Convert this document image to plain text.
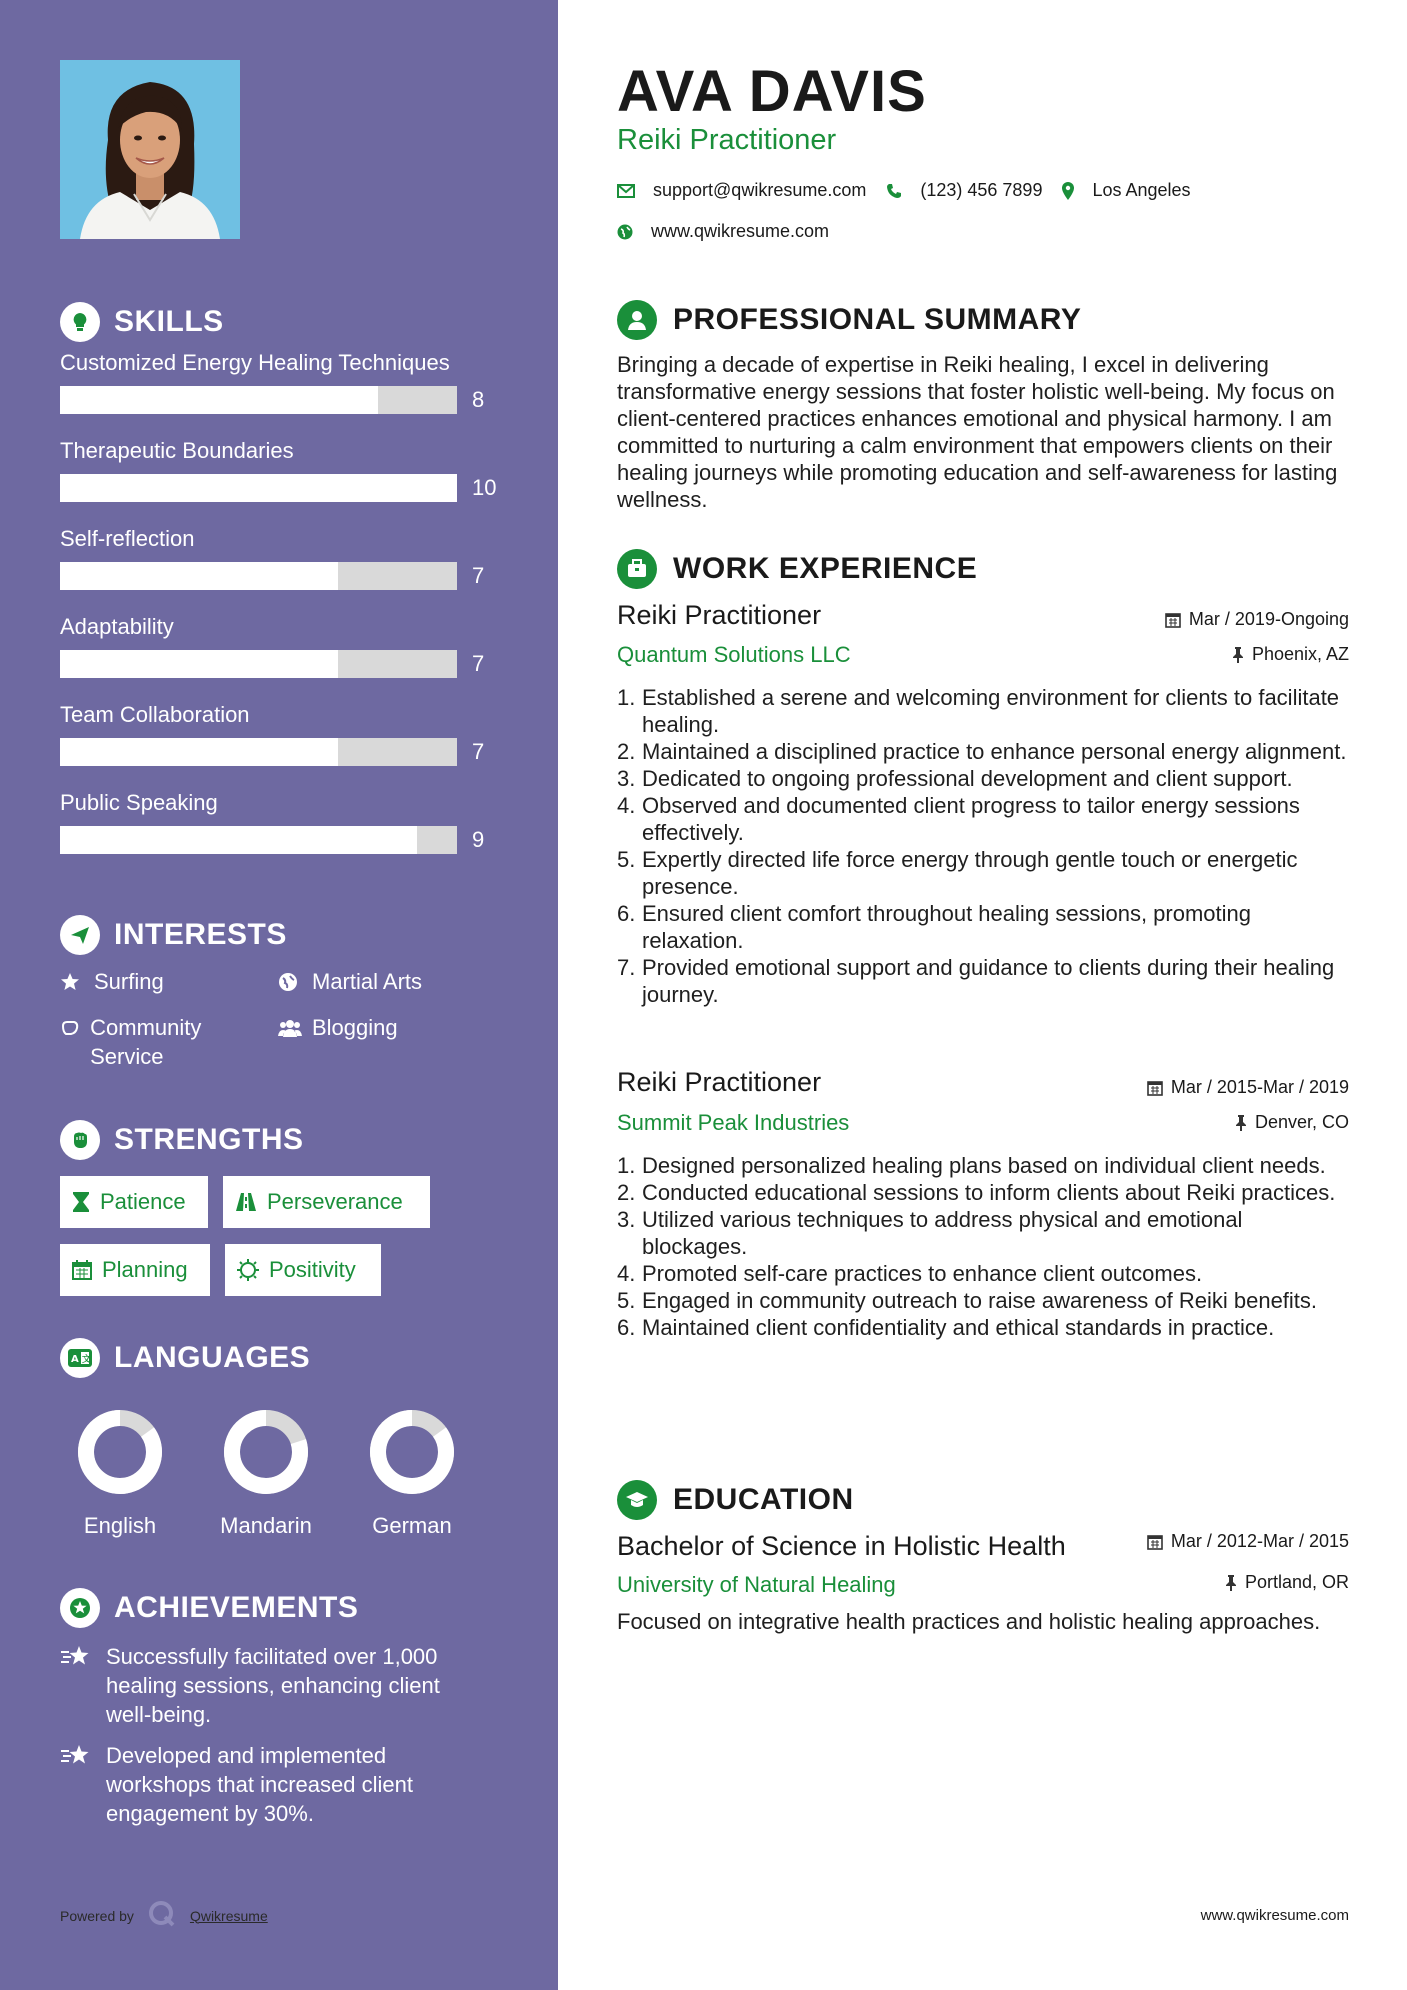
SKILLS
Customized Energy Healing Techniques
8
Therapeutic Boundaries
10
Self-reflection
7
Adaptability
7
Team Collaboration
7
Public Speaking
9
INTERESTS
Surfing	Martial Arts
Community Service
Blogging
STRENGTHS
Patience	Perseverance
Planning	Positivity
A 文 LANGUAGES
English	Mandarin	German
ACHIEVEMENTS
Successfully facilitated over 1,000 healing sessions, enhancing client well-being.
Developed and implemented workshops that increased client engagement by 30%.
Powered by	Qwikresume
AVA DAVIS
Reiki Practitioner
support@qwikresume.com	(123) 456 7899	Los Angeles
www.qwikresume.com
PROFESSIONAL SUMMARY
Bringing a decade of expertise in Reiki healing, I excel in delivering transformative energy sessions that foster holistic well-being. My focus on client-centered practices enhances emotional and physical harmony. I am committed to nurturing a calm environment that empowers clients on their healing journeys while promoting education and self-awareness for lasting wellness.
WORK EXPERIENCE
Reiki Practitioner	Mar / 2019-Ongoing
Quantum Solutions LLC	Phoenix, AZ
1. Established a serene and welcoming environment for clients to facilitate healing.
2. Maintained a disciplined practice to enhance personal energy alignment.
3. Dedicated to ongoing professional development and client support.
4. Observed and documented client progress to tailor energy sessions effectively.
5. Expertly directed life force energy through gentle touch or energetic presence.
6. Ensured client comfort throughout healing sessions, promoting relaxation.
7. Provided emotional support and guidance to clients during their healing journey.
Reiki Practitioner	Mar / 2015-Mar / 2019
Summit Peak Industries	Denver, CO
1. Designed personalized healing plans based on individual client needs.
2. Conducted educational sessions to inform clients about Reiki practices.
3. Utilized various techniques to address physical and emotional blockages.
4. Promoted self-care practices to enhance client outcomes.
5. Engaged in community outreach to raise awareness of Reiki benefits.
6. Maintained client confidentiality and ethical standards in practice.
EDUCATION
Bachelor of Science in Holistic Health	Mar / 2012-Mar / 2015
University of Natural Healing	Portland, OR
Focused on integrative health practices and holistic healing approaches.
www.qwikresume.com
